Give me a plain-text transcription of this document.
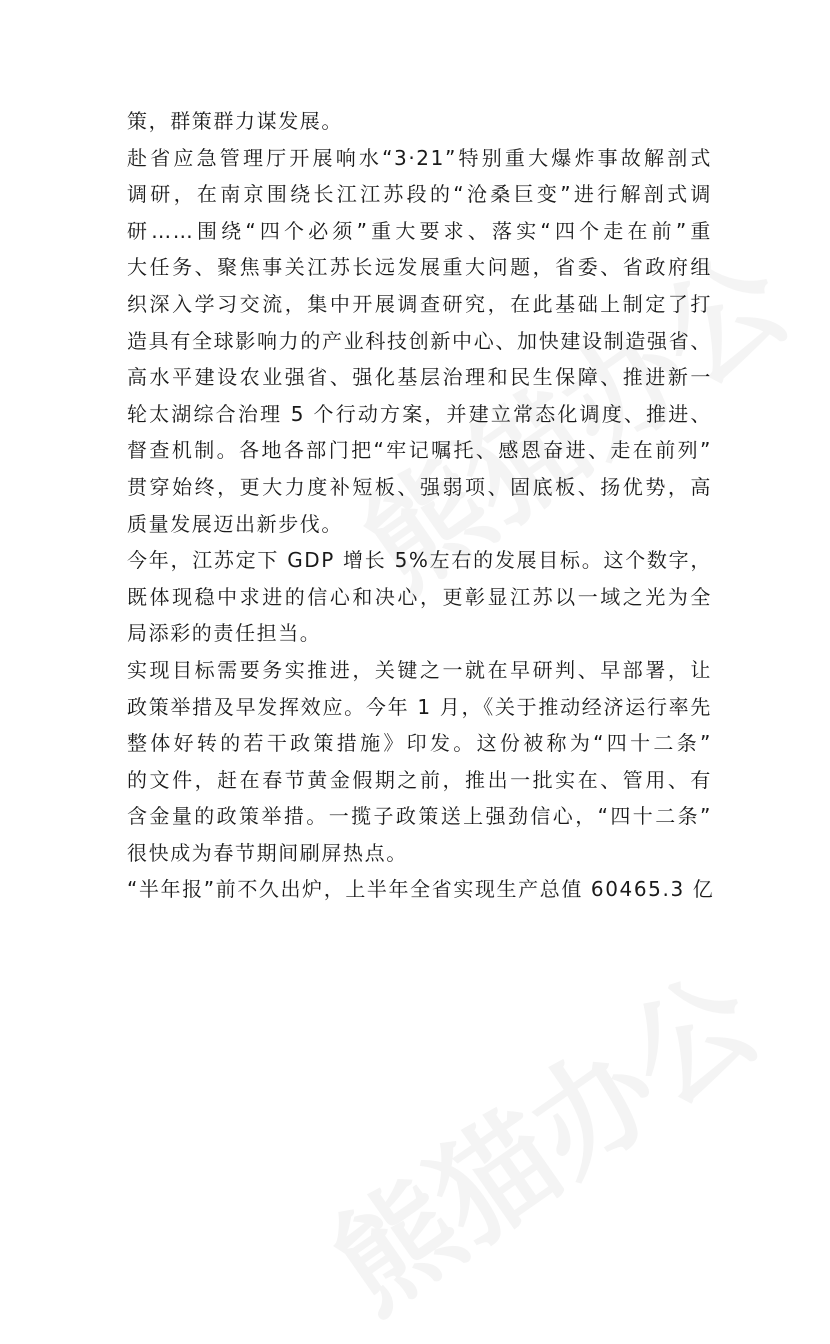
策，群策群力谋发展。
赴省应急管理厅开展响水“3·21”特别重大爆炸事故解剖式
调研，在南京围绕长江江苏段的“沧桑巨变”进行解剖式调
研……围绕“四个必须”重大要求、落实“四个走在前”重
大任务、聚焦事关江苏长远发展重大问题，省委、省政府组
织深入学习交流，集中开展调查研究，在此基础上制定了打
造具有全球影响力的产业科技创新中心、加快建设制造强省、
高水平建设农业强省、强化基层治理和民生保障、推进新一
轮太湖综合治理 5 个行动方案，并建立常态化调度、推进、
督查机制。各地各部门把“牢记嘱托、感恩奋进、走在前列”
贯穿始终，更大力度补短板、强弱项、固底板、扬优势，高
质量发展迈出新步伐。
今年，江苏定下 GDP 增长 5%左右的发展目标。这个数字，
既体现稳中求进的信心和决心，更彰显江苏以一域之光为全
局添彩的责任担当。
实现目标需要务实推进，关键之一就在早研判、早部署，让
政策举措及早发挥效应。今年 1 月，《关于推动经济运行率先
整体好转的若干政策措施》印发。这份被称为“四十二条”
的文件，赶在春节黄金假期之前，推出一批实在、管用、有
含金量的政策举措。一揽子政策送上强劲信心，“四十二条”
很快成为春节期间刷屏热点。
“半年报”前不久出炉，上半年全省实现生产总值 60465.3 亿
